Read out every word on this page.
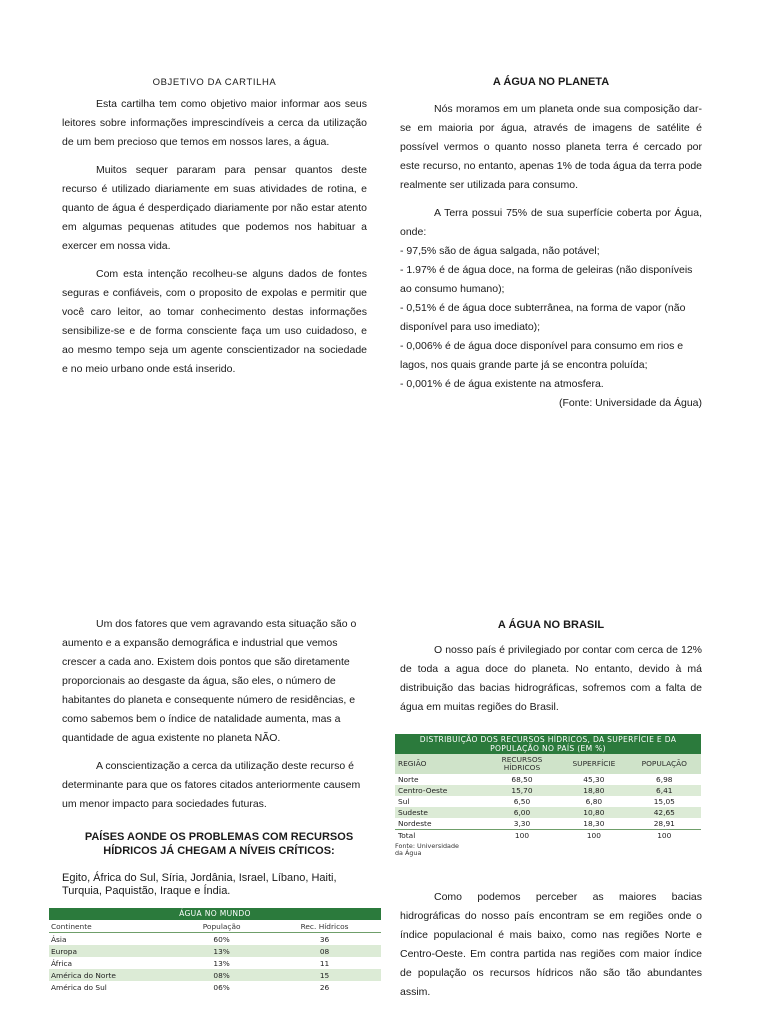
OBJETIVO DA CARTILHA

Esta cartilha tem como objetivo maior informar aos seus leitores sobre informações imprescindíveis a cerca da utilização de um bem precioso que temos em nossos lares, a água.

Muitos sequer pararam para pensar quantos deste recurso é utilizado diariamente em suas atividades de rotina, e quanto de água é desperdiçado diariamente por não estar atento em algumas pequenas atitudes que podemos nos habituar a exercer em nossa vida.

Com esta intenção recolheu-se alguns dados de fontes seguras e confiáveis, com o proposito de expolas e permitir que você caro leitor, ao tomar conhecimento destas informações sensibilize-se e de forma consciente faça um uso cuidadoso, e ao mesmo tempo seja um agente conscientizador na sociedade e no meio urbano onde está inserido.

A ÁGUA NO PLANETA

Nós moramos em um planeta onde sua composição dar-se em maioria por água, através de imagens de satélite é possível vermos o quanto nosso planeta terra é cercado por este recurso, no entanto, apenas 1% de toda água da terra pode realmente ser utilizada para consumo.

A Terra possui 75% de sua superfície coberta por Água, onde:

- 97,5% são de água salgada, não potável;

- 1.97% é de água doce, na forma de geleiras (não disponíveis ao consumo humano);

- 0,51% é de água doce subterrânea, na forma de vapor (não disponível para uso imediato);

- 0,006% é de água doce disponível para consumo em rios e lagos, nos quais grande parte já se encontra poluída;

- 0,001% é de água existente na atmosfera.

(Fonte: Universidade da Água)

Um dos fatores que vem agravando esta situação são o aumento e a expansão demográfica e industrial que vemos crescer a cada ano. Existem dois pontos que são diretamente proporcionais ao desgaste da água, são eles, o número de habitantes do planeta e consequente número de residências, e como sabemos bem o índice de natalidade aumenta, mas a quantidade de agua existente no planeta NÃO.

A conscientização a cerca da utilização deste recurso é determinante para que os fatores citados anteriormente causem um menor impacto para sociedades futuras.

PAÍSES AONDE OS PROBLEMAS COM RECURSOS

HÍDRICOS JÁ CHEGAM A NÍVEIS CRÍTICOS:

Egito, África do Sul, Síria, Jordânia, Israel, Líbano, Haiti, Turquia, Paquistão, Iraque e Índia.

ÁGUA NO MUNDO		
Continente	População	Rec. Hídricos
Ásia	60%	36
Europa	13%	08
África	13%	11
América do Norte	08%	15
América do Sul	06%	26

A ÁGUA NO BRASIL

O nosso país é privilegiado por contar com cerca de 12% de toda a agua doce do planeta. No entanto, devido à má distribuição das bacias hidrográficas, sofremos com a falta de água em muitas regiões do Brasil.

DISTRIBUIÇÃO DOS RECURSOS HÍDRICOS, DA SUPERFÍCIE E DA
POPULAÇÃO NO PAÍS (EM %)			

REGIÃO	RECURSOS HÍDRICOS	SUPERFÍCIE	POPULAÇÃO
Norte	68,50	45,30	6,98
Centro-Oeste	15,70	18,80	6,41
Sul	6,50	6,80	15,05
Sudeste	6,00	10,80	42,65
Nordeste	3,30	18,30	28,91
Total	100	100	100

Fonte: Universidade
da Água			

Como podemos perceber as maiores bacias hidrográficas do nosso país encontram se em regiões onde o índice populacional é mais baixo, como nas regiões Norte e Centro-Oeste. Em contra partida nas regiões com maior índice de população os recursos hídricos não são tão abundantes assim.
